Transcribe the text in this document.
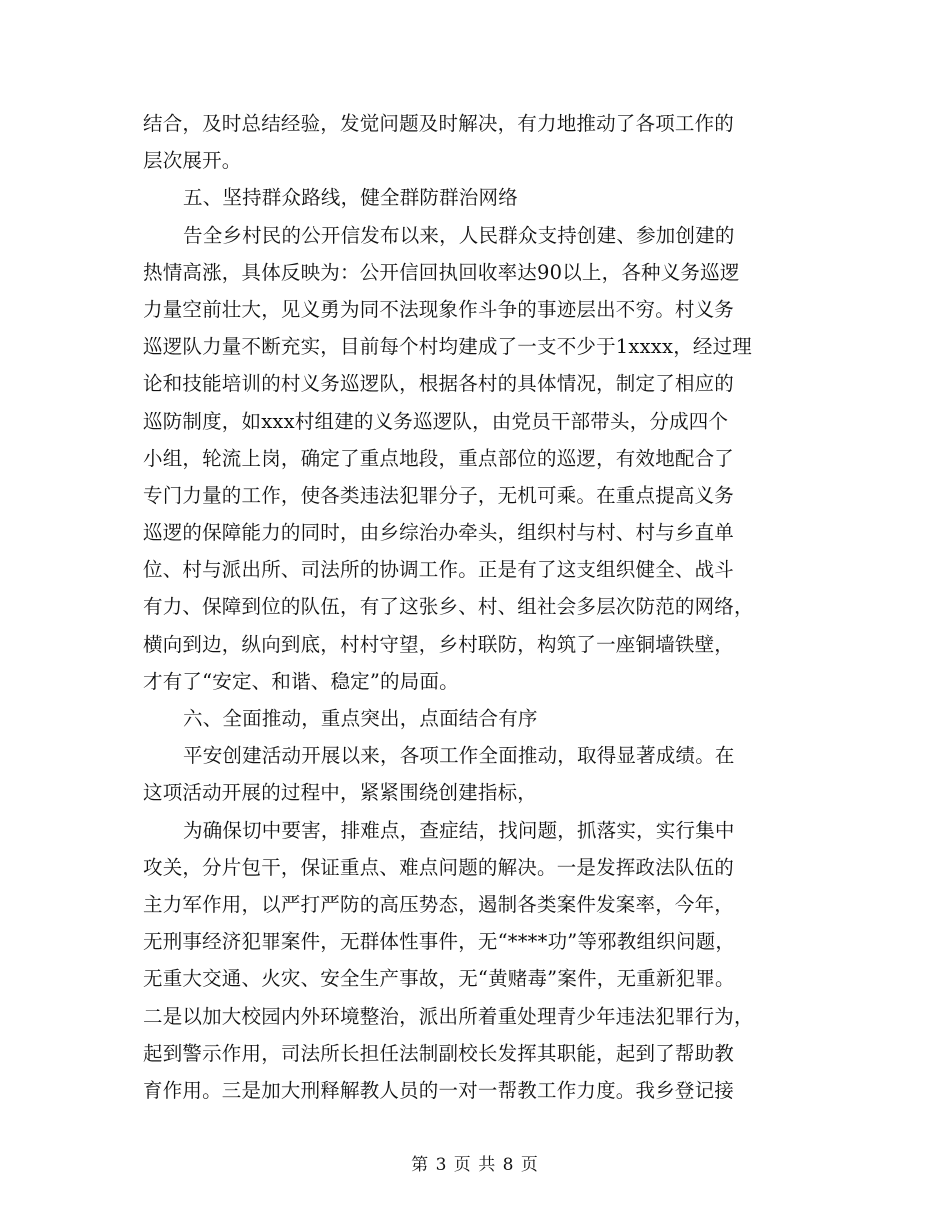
结合，及时总结经验，发觉问题及时解决，有力地推动了各项工作的
层次展开。
五、坚持群众路线，健全群防群治网络
告全乡村民的公开信发布以来，人民群众支持创建、参加创建的
热情高涨，具体反映为：公开信回执回收率达90以上，各种义务巡逻
力量空前壮大，见义勇为同不法现象作斗争的事迹层出不穷。村义务
巡逻队力量不断充实，目前每个村均建成了一支不少于1xxxx，经过理
论和技能培训的村义务巡逻队，根据各村的具体情况，制定了相应的
巡防制度，如xxx村组建的义务巡逻队，由党员干部带头，分成四个
小组，轮流上岗，确定了重点地段，重点部位的巡逻，有效地配合了
专门力量的工作，使各类违法犯罪分子，无机可乘。在重点提高义务
巡逻的保障能力的同时，由乡综治办牵头，组织村与村、村与乡直单
位、村与派出所、司法所的协调工作。正是有了这支组织健全、战斗
有力、保障到位的队伍，有了这张乡、村、组社会多层次防范的网络，
横向到边，纵向到底，村村守望，乡村联防，构筑了一座铜墙铁壁，
才有了“安定、和谐、稳定”的局面。
六、全面推动，重点突出，点面结合有序
平安创建活动开展以来，各项工作全面推动，取得显著成绩。在
这项活动开展的过程中，紧紧围绕创建指标，
为确保切中要害，排难点，查症结，找问题，抓落实，实行集中
攻关，分片包干，保证重点、难点问题的解决。一是发挥政法队伍的
主力军作用，以严打严防的高压势态，遏制各类案件发案率，今年，
无刑事经济犯罪案件，无群体性事件，无“****功”等邪教组织问题，
无重大交通、火灾、安全生产事故，无“黄赌毒”案件，无重新犯罪。
二是以加大校园内外环境整治，派出所着重处理青少年违法犯罪行为，
起到警示作用，司法所长担任法制副校长发挥其职能，起到了帮助教
育作用。三是加大刑释解教人员的一对一帮教工作力度。我乡登记接
第 3 页 共 8 页
